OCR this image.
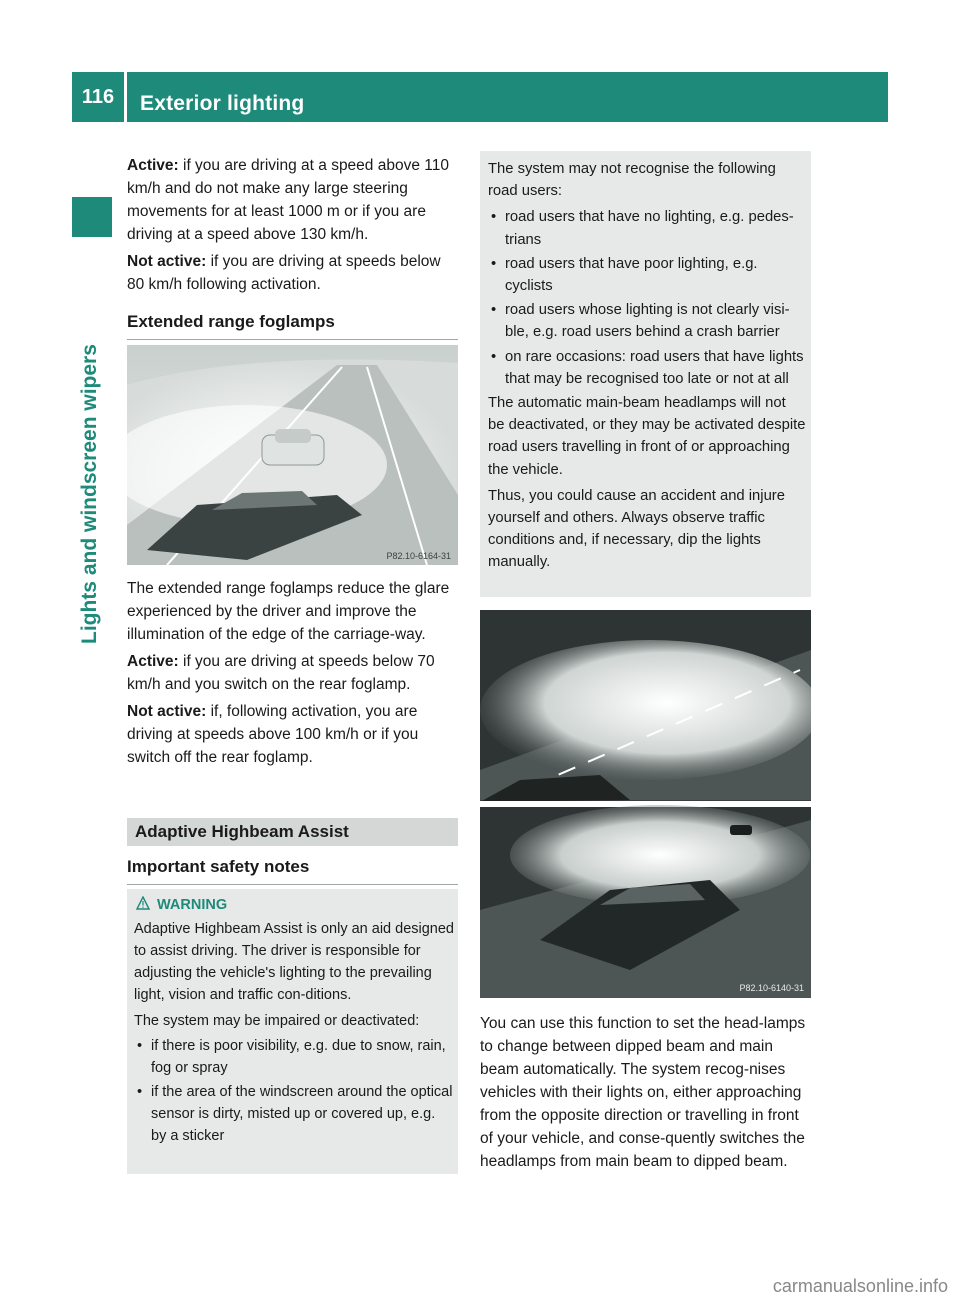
116	Exterior lighting
Lights and windscreen wipers

Active: if you are driving at a speed above 110 km/h and do not make any large steering movements for at least 1000 m or if you are driving at a speed above 130 km/h.

Not active: if you are driving at speeds below 80 km/h following activation.

Extended range foglamps
P82.10-6164-31

The extended range foglamps reduce the glare experienced by the driver and improve the illumination of the edge of the carriage-way.

Active: if you are driving at speeds below 70 km/h and you switch on the rear foglamp.

Not active: if, following activation, you are driving at speeds above 100 km/h or if you switch off the rear foglamp.

Adaptive Highbeam Assist
Important safety notes
WARNING

Adaptive Highbeam Assist is only an aid designed to assist driving. The driver is responsible for adjusting the vehicle's lighting to the prevailing light, vision and traffic con-ditions.

The system may be impaired or deactivated:

• if there is poor visibility, e.g. due to snow, rain, fog or spray
• if the area of the windscreen around the optical sensor is dirty, misted up or covered up, e.g. by a sticker

The system may not recognise the following road users:

• road users that have no lighting, e.g. pedes-trians
• road users that have poor lighting, e.g. cyclists
• road users whose lighting is not clearly visi-ble, e.g. road users behind a crash barrier
• on rare occasions: road users that have lights that may be recognised too late or not at all

The automatic main-beam headlamps will not be deactivated, or they may be activated despite road users travelling in front of or approaching the vehicle.

Thus, you could cause an accident and injure yourself and others. Always observe traffic conditions and, if necessary, dip the lights manually.

P82.10-6140-31

You can use this function to set the head-lamps to change between dipped beam and main beam automatically. The system recog-nises vehicles with their lights on, either approaching from the opposite direction or travelling in front of your vehicle, and conse-quently switches the headlamps from main beam to dipped beam.

carmanualsonline.info
